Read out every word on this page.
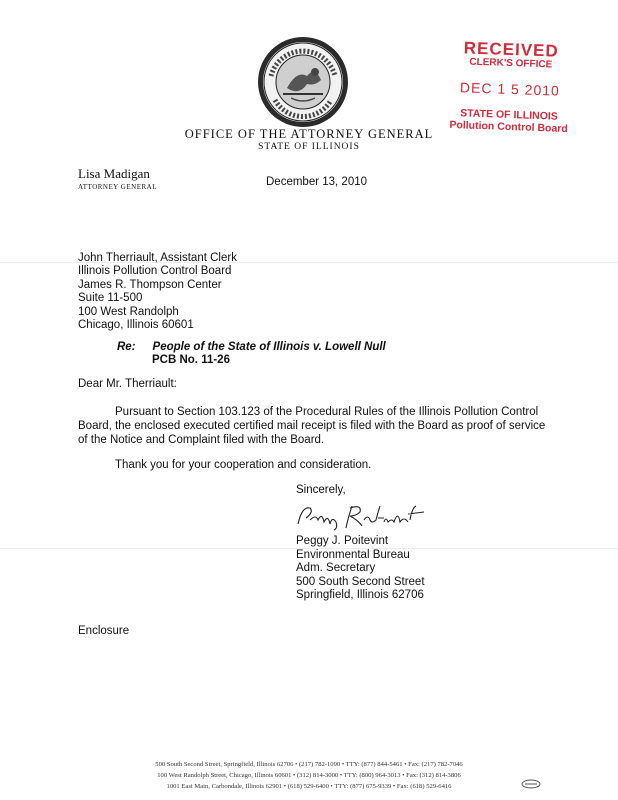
RECEIVED
CLERK'S OFFICE
DEC 1 5 2010
STATE OF ILLINOIS
Pollution Control Board
OFFICE OF THE ATTORNEY GENERAL
STATE OF ILLINOIS
Lisa Madigan
ATTORNEY GENERAL	December 13, 2010
John Therriault, Assistant Clerk
Illinois Pollution Control Board
James R. Thompson Center
Suite 11-500
100 West Randolph
Chicago, Illinois 60601
Re: People of the State of Illinois v. Lowell Null
PCB No. 11-26
Dear Mr. Therriault:
Pursuant to Section 103.123 of the Procedural Rules of the Illinois Pollution Control Board, the enclosed executed certified mail receipt is filed with the Board as proof of service of the Notice and Complaint filed with the Board.
Thank you for your cooperation and consideration.
Sincerely,
Peggy J. Poitevint
Environmental Bureau
Adm. Secretary
500 South Second Street
Springfield, Illinois 62706
Enclosure
500 South Second Street, Springfield, Illinois 62706 • (217) 782-1090 • TTY: (877) 844-5461 • Fax: (217) 782-7046
100 West Randolph Street, Chicago, Illinois 60601 • (312) 814-3000 • TTY: (800) 964-3013 • Fax: (312) 814-3806
1001 East Main, Carbondale, Illinois 62901 • (618) 529-6400 • TTY: (877) 675-9339 • Fax: (618) 529-6416
